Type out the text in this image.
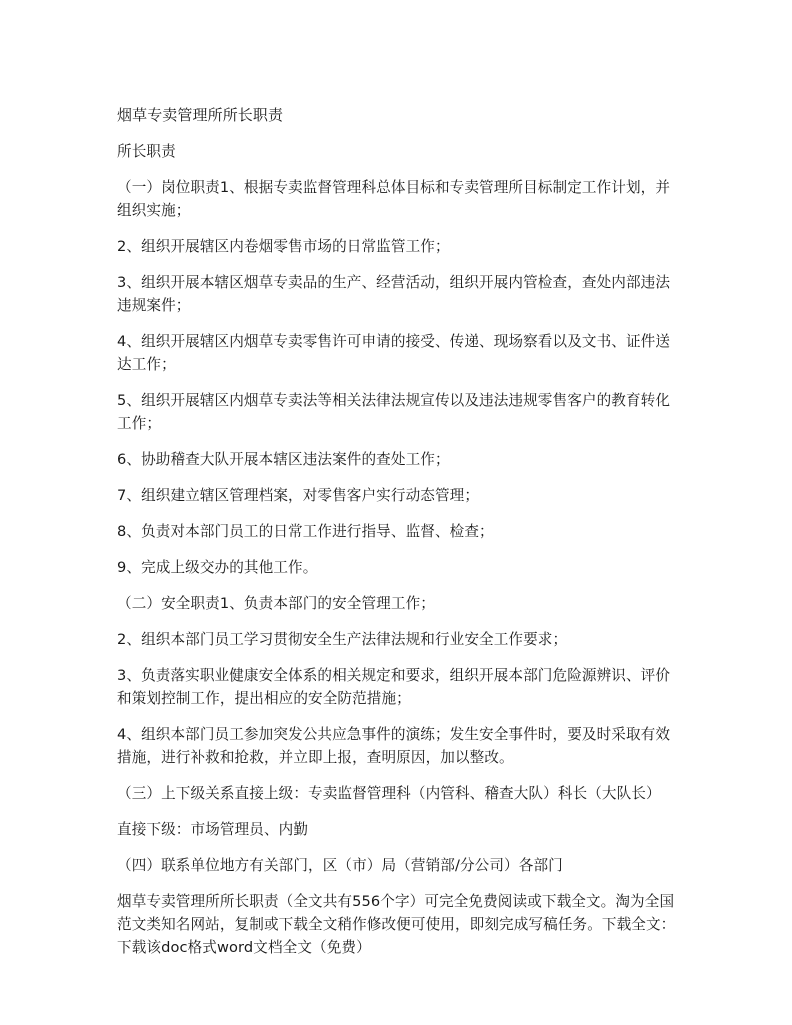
烟草专卖管理所所长职责

所长职责

（一）岗位职责1、根据专卖监督管理科总体目标和专卖管理所目标制定工作计划，并组织实施；

2、组织开展辖区内卷烟零售市场的日常监管工作；

3、组织开展本辖区烟草专卖品的生产、经营活动，组织开展内管检查，查处内部违法违规案件；

4、组织开展辖区内烟草专卖零售许可申请的接受、传递、现场察看以及文书、证件送达工作；

5、组织开展辖区内烟草专卖法等相关法律法规宣传以及违法违规零售客户的教育转化工作；

6、协助稽查大队开展本辖区违法案件的查处工作；

7、组织建立辖区管理档案，对零售客户实行动态管理；

8、负责对本部门员工的日常工作进行指导、监督、检查；

9、完成上级交办的其他工作。

（二）安全职责1、负责本部门的安全管理工作；

2、组织本部门员工学习贯彻安全生产法律法规和行业安全工作要求；

3、负责落实职业健康安全体系的相关规定和要求，组织开展本部门危险源辨识、评价和策划控制工作，提出相应的安全防范措施；

4、组织本部门员工参加突发公共应急事件的演练；发生安全事件时，要及时采取有效措施，进行补救和抢救，并立即上报，查明原因，加以整改。

（三）上下级关系直接上级：专卖监督管理科（内管科、稽查大队）科长（大队长）

直接下级：市场管理员、内勤

（四）联系单位地方有关部门，区（市）局（营销部/分公司）各部门

烟草专卖管理所所长职责（全文共有556个字）可完全免费阅读或下载全文。淘为全国范文类知名网站，复制或下载全文稍作修改便可使用，即刻完成写稿任务。下载全文：下载该doc格式word文档全文（免费）
